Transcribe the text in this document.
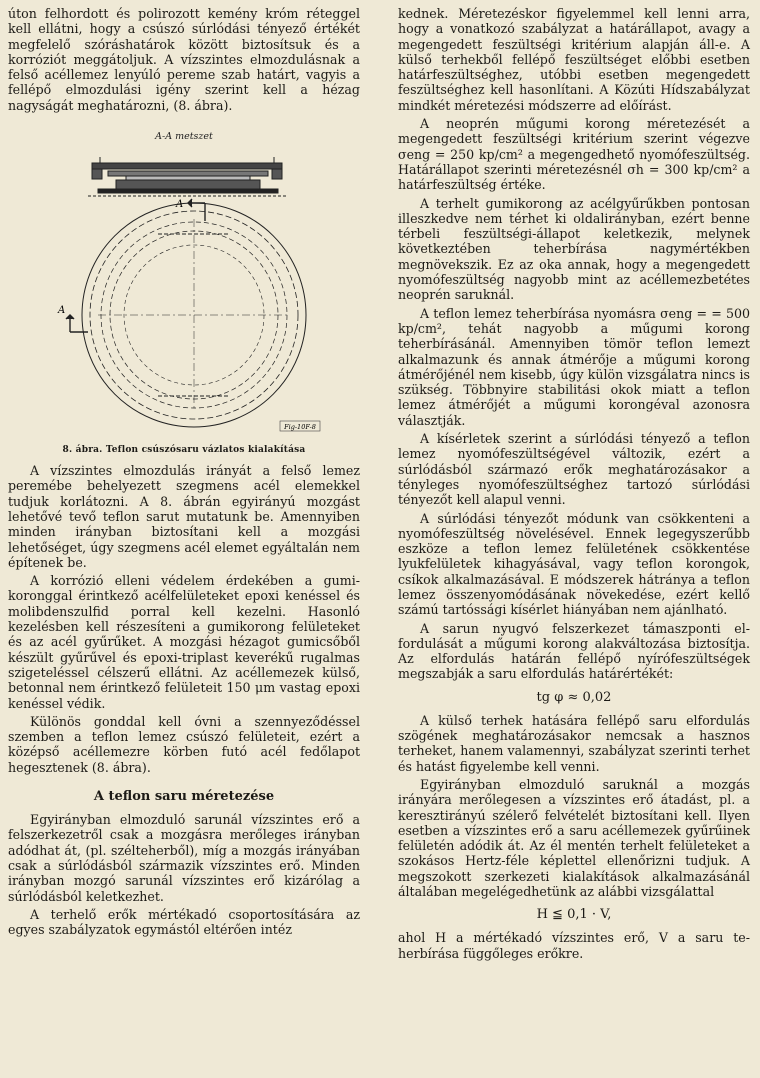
úton felhordott és polirozott kemény króm réteggel kell ellátni, hogy a csúszó súrlódási tényező értékét megfelelő szóráshatárok között biztosítsuk és a korróziót meggátoljuk. A vízszintes elmozdulásnak a felső acéllemez lenyúló pereme szab határt, vagyis a fellépő elmozdulási igény szerint kell a hézag nagyságát meghatározni, (8. ábra).

A-A metszet
A
A
Fig-10F-8
8. ábra. Teflon csúszósaru vázlatos kialakítása

A vízszintes elmozdulás irányát a felső lemez peremébe behelyezett szegmens acél elemekkel tudjuk korlátozni. A 8. ábrán egyirányú mozgást lehetővé tevő teflon sarut mutatunk be. Amennyiben minden irányban biztosítani kell a mozgási lehetőséget, úgy szegmens acél elemet egyáltalán nem építenek be.

A korrózió elleni védelem érdekében a gumikoronggal érintkező acélfelületeket epoxi kenéssel és molibdenszulfid porral kell kezelni. Hasonló kezelésben kell részesíteni a gumikorong felületeket és az acél gyűrűket. A mozgási hézagot gumicsőből készült gyűrűvel és epoxi-triplast keverékű rugalmas szigeteléssel célszerű ellátni. Az acéllemezek külső, betonnal nem érintkező felületeit 150 μm vastag epoxi kenéssel védik.

Különös gonddal kell óvni a szennyeződéssel szemben a teflon lemez csúszó felületeit, ezért a középső acéllemezre körben futó acél fedőlapot hegesztenek (8. ábra).

A teflon saru méretezése

Egyirányban elmozduló sarunál vízszintes erő a felszerkezetről csak a mozgásra merőleges irányban adódhat át, (pl. szélteherből), míg a mozgás irányában csak a súrlódásból származik vízszintes erő. Minden irányban mozgó sarunál vízszintes erő kizárólag a súrlódásból keletkezhet.

A terhelő erők mértékadó csoportosítására az egyes szabályzatok egymástól eltérően intéz

kednek. Méretezéskor figyelemmel kell lenni arra, hogy a vonatkozó szabályzat a határállapot, avagy a megengedett feszültségi kritérium alapján áll-e. A külső terhekből fellépő feszültséget előbbi esetben határfeszültséghez, utóbbi esetben megengedett feszültséghez kell hasonlítani. A Közúti Hídszabályzat mindkét méretezési módszerre ad előírást.

A neoprén műgumi korong méretezését a megengedett feszültségi kritérium szerint végezve σeng = 250 kp/cm² a megengedhető nyomófeszültség. Határállapot szerinti méretezésnél σh = 300 kp/cm² a határfeszültség értéke.

A terhelt gumikorong az acélgyűrűkben pontosan illeszkedve nem térhet ki oldalirányban, ezért benne térbeli feszültségi-állapot keletkezik, melynek következtében teherbírása nagymértékben megnövekszik. Ez az oka annak, hogy a megengedett nyomófeszültség nagyobb mint az acéllemezbetétes neoprén saruknál.

A teflon lemez teherbírása nyomásra σeng = = 500 kp/cm², tehát nagyobb a műgumi korong teherbírásánál. Amennyiben tömör teflon lemezt alkalmazunk és annak átmérője a műgumi korong átmérőjénél nem kisebb, úgy külön vizsgálatra nincs is szükség. Többnyire stabilitási okok miatt a teflon lemez átmérőjét a műgumi korongéval azonosra választják.

A kísérletek szerint a súrlódási tényező a teflon lemez nyomófeszültségével változik, ezért a súrlódásból származó erők meghatározásakor a tényleges nyomófeszültséghez tartozó súrlódási tényezőt kell alapul venni.

A súrlódási tényezőt módunk van csökkenteni a nyomófeszültség növelésével. Ennek legegyszerűbb eszköze a teflon lemez felületének csökkentése lyukfelületek kihagyásával, vagy teflon korongok, csíkok alkalmazásával. E módszerek hátránya a teflon lemez összenyomódásának növekedése, ezért kellő számú tartóssági kísérlet hiányában nem ajánlható.

A sarun nyugvó felszerkezet támaszponti elfordulását a műgumi korong alakváltozása biztosítja. Az elfordulás határán fellépő nyírófeszültségek megszabják a saru elfordulás határértékét:

tg φ ≈ 0,02

A külső terhek hatására fellépő saru elfordulás szögének meghatározásakor nemcsak a hasznos terheket, hanem valamennyi, szabályzat szerinti terhet és hatást figyelembe kell venni.

Egyirányban elmozduló saruknál a mozgás irányára merőlegesen a vízszintes erő átadást, pl. a keresztirányú szélerő felvételét biztosítani kell. Ilyen esetben a vízszintes erő a saru acéllemezek gyűrűinek felületén adódik át. Az él mentén terhelt felületeket a szokásos Hertz-féle képlettel ellenőrizni tudjuk. A megszokott szerkezeti kialakítások alkalmazásánál általában megelégedhetünk az alábbi vizsgálattal

H ≦ 0,1 · V,

ahol H a mértékadó vízszintes erő, V a saru teherbírása függőleges erőkre.
